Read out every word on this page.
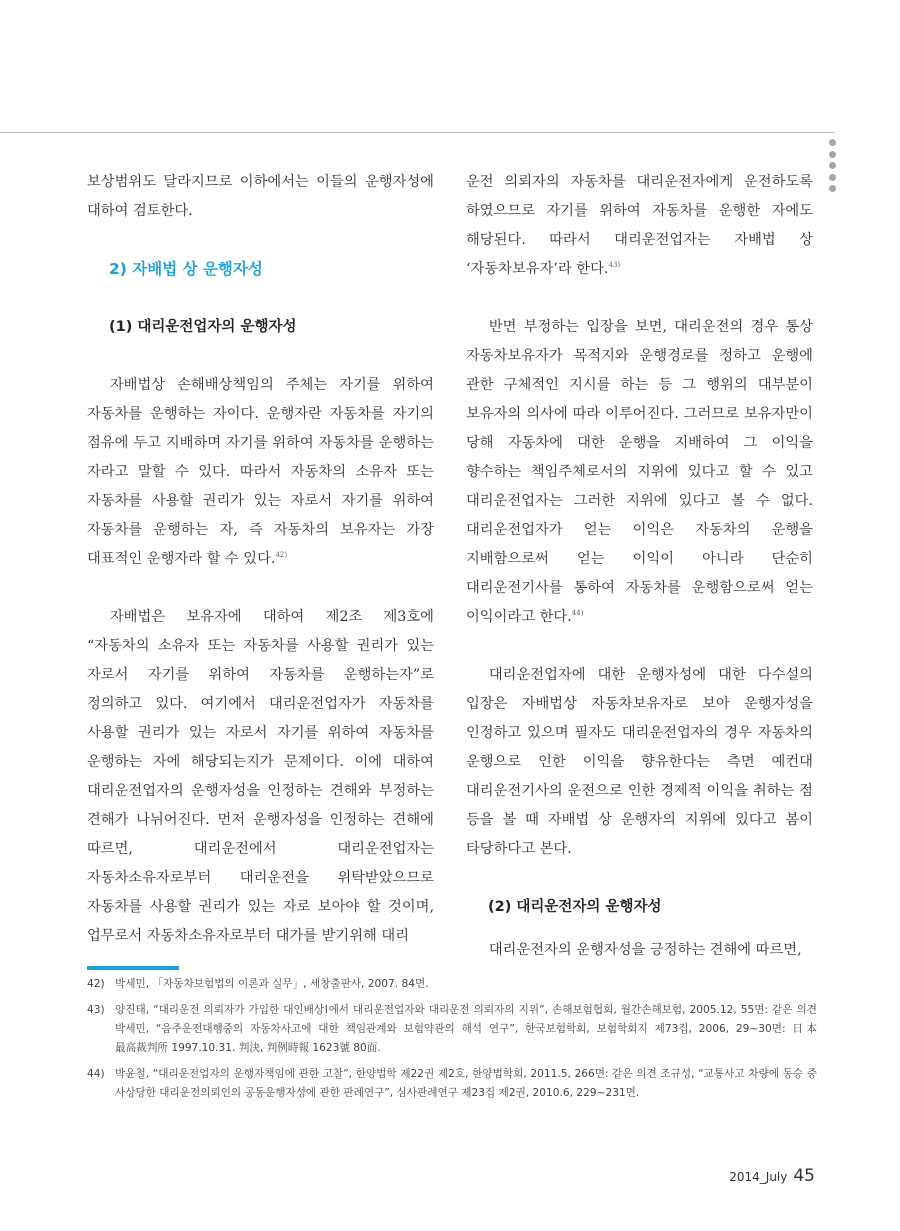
보상범위도 달라지므로 이하에서는 이들의 운행자성에 대하여 검토한다.

2) 자배법 상 운행자성
(1) 대리운전업자의 운행자성

자배법상 손해배상책임의 주체는 자기를 위하여 자동차를 운행하는 자이다. 운행자란 자동차를 자기의 점유에 두고 지배하며 자기를 위하여 자동차를 운행하는 자라고 말할 수 있다. 따라서 자동차의 소유자 또는 자동차를 사용할 권리가 있는 자로서 자기를 위하여 자동차를 운행하는 자, 즉 자동차의 보유자는 가장 대표적인 운행자라 할 수 있다.$^{42)}$

자배법은 보유자에 대하여 제2조 제3호에 “자동차의 소유자 또는 자동차를 사용할 권리가 있는 자로서 자기를 위하여 자동차를 운행하는자”로 정의하고 있다. 여기에서 대리운전업자가 자동차를 사용할 권리가 있는 자로서 자기를 위하여 자동차를 운행하는 자에 해당되는지가 문제이다. 이에 대하여 대리운전업자의 운행자성을 인정하는 견해와 부정하는 견해가 나뉘어진다. 먼저 운행자성을 인정하는 견해에 따르면, 대리운전에서 대리운전업자는 자동차소유자로부터 대리운전을 위탁받았으므로 자동차를 사용할 권리가 있는 자로 보아야 할 것이며, 업무로서 자동차소유자로부터 대가를 받기위해 대리

운전 의뢰자의 자동차를 대리운전자에게 운전하도록 하였으므로 자기를 위하여 자동차를 운행한 자에도 해당된다. 따라서 대리운전업자는 자배법 상 ‘자동차보유자’라 한다.$^{43)}$

반면 부정하는 입장을 보면, 대리운전의 경우 통상 자동차보유자가 목적지와 운행경로를 정하고 운행에 관한 구체적인 지시를 하는 등 그 행위의 대부분이 보유자의 의사에 따라 이루어진다. 그러므로 보유자만이 당해 자동차에 대한 운행을 지배하여 그 이익을 향수하는 책임주체로서의 지위에 있다고 할 수 있고 대리운전업자는 그러한 지위에 있다고 볼 수 없다. 대리운전업자가 얻는 이익은 자동차의 운행을 지배함으로써 얻는 이익이 아니라 단순히 대리운전기사를 통하여 자동차를 운행함으로써 얻는 이익이라고 한다.$^{44)}$

대리운전업자에 대한 운행자성에 대한 다수설의 입장은 자배법상 자동차보유자로 보아 운행자성을 인정하고 있으며 필자도 대리운전업자의 경우 자동차의 운행으로 인한 이익을 향유한다는 측면 예컨대 대리운전기사의 운전으로 인한 경제적 이익을 취하는 점 등을 볼 때 자배법 상 운행자의 지위에 있다고 봄이 타당하다고 본다.

(2) 대리운전자의 운행자성

대리운전자의 운행자성을 긍정하는 견해에 따르면,

42) 박세민, 「자동차보험법의 이론과 실무」, 세창출판사, 2007. 84면.
43) 양진태, “대리운전 의뢰자가 가입한 대인배상Ⅰ에서 대리운전업자와 대리운전 의뢰자의 지위”, 손해보험협회, 월간손해보험, 2005.12, 55면: 같은 의견 박세민, “음주운전대행중의 자동차사고에 대한 책임관계와 보험약관의 해석 연구”, 한국보험학회, 보험학회지 제73집, 2006, 29~30면: 日本 最高裁判所 1997.10.31. 判決, 判例時報 1623號 80面.
44) 박윤철, “대리운전업자의 운행자책임에 관한 고찰”, 한양법학 제22권 제2호, 한양법학회, 2011.5, 266면: 같은 의견 조규성, “교통사고 차량에 동승 중 사상당한 대리운전의뢰인의 공동운행자성에 관한 판례연구”, 심사판례연구 제23집 제2권, 2010.6, 229~231면.
2014_July 45
